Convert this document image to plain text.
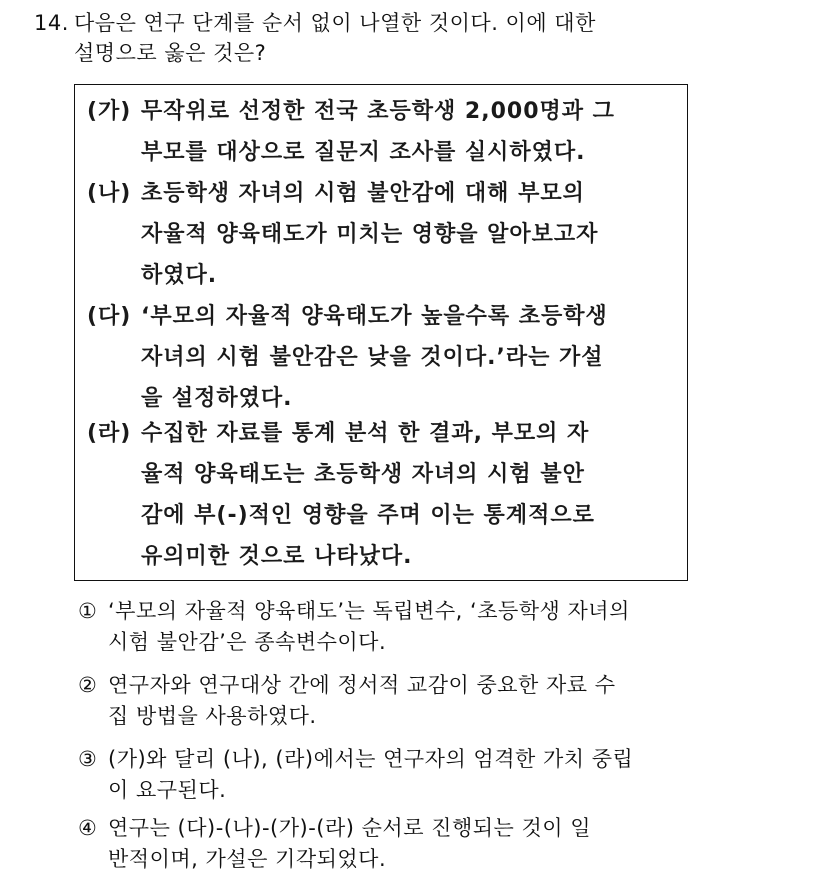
14. 다음은 연구 단계를 순서 없이 나열한 것이다. 이에 대한
설명으로 옳은 것은?
(가) 무작위로 선정한 전국 초등학생 2,000명과 그
부모를 대상으로 질문지 조사를 실시하였다.
(나) 초등학생 자녀의 시험 불안감에 대해 부모의
자율적 양육태도가 미치는 영향을 알아보고자
하였다.
(다) ‘부모의 자율적 양육태도가 높을수록 초등학생
자녀의 시험 불안감은 낮을 것이다.’라는 가설
을 설정하였다.
(라) 수집한 자료를 통계 분석 한 결과, 부모의 자
율적 양육태도는 초등학생 자녀의 시험 불안
감에 부(-)적인 영향을 주며 이는 통계적으로
유의미한 것으로 나타났다.
① ‘부모의 자율적 양육태도’는 독립변수, ‘초등학생 자녀의
시험 불안감’은 종속변수이다.
② 연구자와 연구대상 간에 정서적 교감이 중요한 자료 수
집 방법을 사용하였다.
③ (가)와 달리 (나), (라)에서는 연구자의 엄격한 가치 중립
이 요구된다.
④ 연구는 (다)-(나)-(가)-(라) 순서로 진행되는 것이 일
반적이며, 가설은 기각되었다.
